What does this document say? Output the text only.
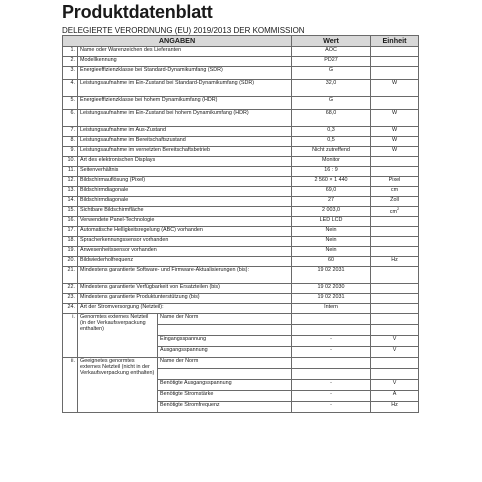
Produktdatenblatt
DELEGIERTE VERORDNUNG (EU) 2019/2013 DER KOMMISSION
ANGABEN			Wert	Einheit
1.	Name oder Warenzeichen des Lieferanten		AOC	
2.	Modellkennung		PD27	
3.	Energieeffizienzklasse bei Standard-Dynamikumfang (SDR)		G	
4.	Leistungsaufnahme im Ein-Zustand bei Standard-Dynamikumfang (SDR)		32,0	W
5.	Energieeffizienzklasse bei hohem Dynamikumfang (HDR)		G	
6.	Leistungsaufnahme im Ein-Zustand bei hohem Dynamikumfang (HDR)		68,0	W
7.	Leistungsaufnahme im Aus-Zustand		0,3	W
8.	Leistungsaufnahme im Bereitschaftszustand		0,5	W
9.	Leistungsaufnahme im vernetzten Bereitschaftsbetrieb		Nicht zutreffend	W
10.	Art des elektronischen Displays		Monitor	
11.	Seitenverhältnis		16 : 9	
12.	Bildschirmauflösung (Pixel)		2 560 × 1 440	Pixel
13.	Bildschirmdiagonale		69,0	cm
14.	Bildschirmdiagonale		27	Zoll
15.	Sichtbare Bildschirmfläche		2 003,0	$cm^2$
16.	Verwendete Panel-Technologie		LED LCD	
17.	Automatische Helligkeitsregelung (ABC) vorhanden		Nein	
18.	Spracherkennungssensor vorhanden		Nein	
19.	Anwesenheitssensor vorhanden		Nein	
20.	Bildwiederholfrequenz		60	Hz
21.	Mindestens garantierte Software- und Firmware-Aktualisierungen (bis):		19 02 2031	
22.	Mindestens garantierte Verfügbarkeit von Ersatzteilen (bis)		19 02 2030	
23.	Mindestens garantierte Produktunterstützung (bis)		19 02 2031	
24.	Art der Stromversorgung (Netzteil):		Intern	
i.	Genormtes externes Netzteil (in der Verkaufsverpackung enthalten)	Name der Norm		

		Eingangsspannung	-	V
		Ausgangsspannung	-	V
ii.	Geeignetes genormtes externes Netzteil (nicht in der Verkaufsverpackung enthalten)	Name der Norm		

		Benötigte Ausgangsspannung	-	V
		Benötigte Stromstärke	-	A
		Benötigte Stromfrequenz	-	Hz
